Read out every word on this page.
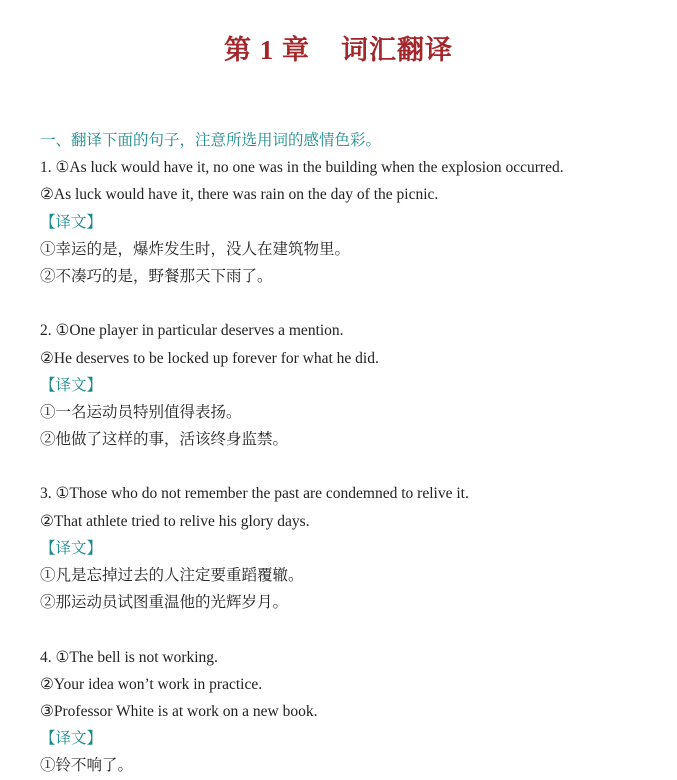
第 1 章    词汇翻译
一、翻译下面的句子，注意所选用词的感情色彩。
1. ①As luck would have it, no one was in the building when the explosion occurred.
②As luck would have it, there was rain on the day of the picnic.
【译文】
①幸运的是，爆炸发生时，没人在建筑物里。
②不凑巧的是，野餐那天下雨了。
2. ①One player in particular deserves a mention.
②He deserves to be locked up forever for what he did.
【译文】
①一名运动员特别值得表扬。
②他做了这样的事，活该终身监禁。
3. ①Those who do not remember the past are condemned to relive it.
②That athlete tried to relive his glory days.
【译文】
①凡是忘掉过去的人注定要重蹈覆辙。
②那运动员试图重温他的光辉岁月。
4. ①The bell is not working.
②Your idea won’t work in practice.
③Professor White is at work on a new book.
【译文】
①铃不响了。
